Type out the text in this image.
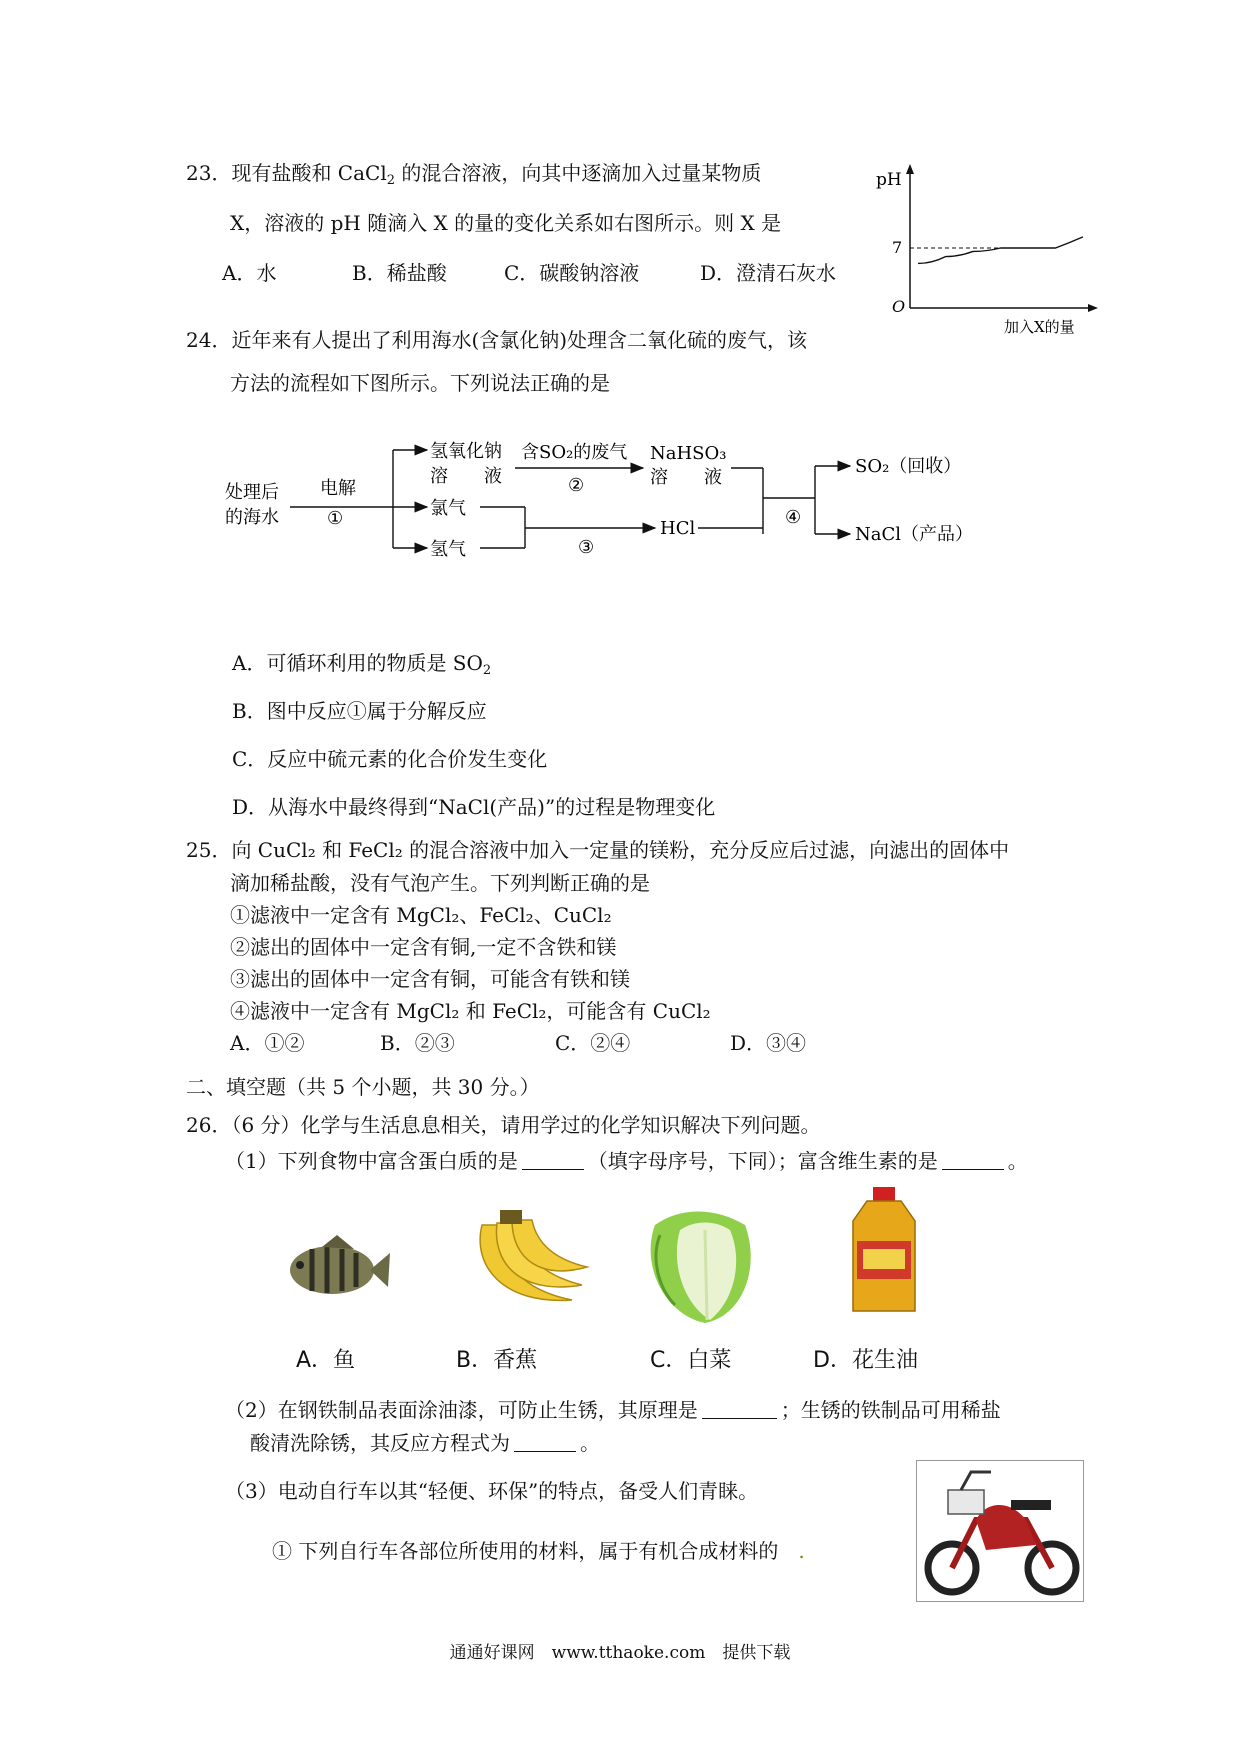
23．现有盐酸和 CaCl$_2$ 的混合溶液，向其中逐滴加入过量某物质
X，溶液的 pH 随滴入 X 的量的变化关系如右图所示。则 X 是
A．水	B．稀盐酸	C．碳酸钠溶液	D．澄清石灰水
pH
7
O
加入X的量
24．近年来有人提出了利用海水(含氯化钠)处理含二氧化硫的废气，该
方法的流程如下图所示。下列说法正确的是
处理后
的海水
电解
①
氢氧化钠
溶　　液
含SO₂的废气
②
NaHSO₃
溶　　液
氯气
氢气	③
HCl
④
SO₂（回收）
NaCl（产品）
A．可循环利用的物质是 $SO_2$
B．图中反应①属于分解反应
C．反应中硫元素的化合价发生变化
D．从海水中最终得到“NaCl(产品)”的过程是物理变化
25．向 CuCl₂ 和 FeCl₂ 的混合溶液中加入一定量的镁粉，充分反应后过滤，向滤出的固体中
滴加稀盐酸，没有气泡产生。下列判断正确的是
①滤液中一定含有 MgCl₂、FeCl₂、CuCl₂
②滤出的固体中一定含有铜,一定不含铁和镁
③滤出的固体中一定含有铜，可能含有铁和镁
④滤液中一定含有 MgCl₂ 和 FeCl₂，可能含有 CuCl₂
A．①②	B．②③	C．②④	D．③④
二、填空题（共 5 个小题，共 30 分。）
26．（6 分）化学与生活息息相关，请用学过的化学知识解决下列问题。
（1）下列食物中富含蛋白质的是	（填字母序号，下同）；富含维生素的是	。
A．鱼	B．香蕉	C．白菜	D．花生油
（2）在钢铁制品表面涂油漆，可防止生锈，其原理是	；生锈的铁制品可用稀盐
酸清洗除锈，其反应方程式为	。
（3）电动自行车以其“轻便、环保”的特点，备受人们青睐。
① 下列自行车各部位所使用的材料，属于有机合成材料的 .
通通好课网　www.tthaoke.com　提供下载
